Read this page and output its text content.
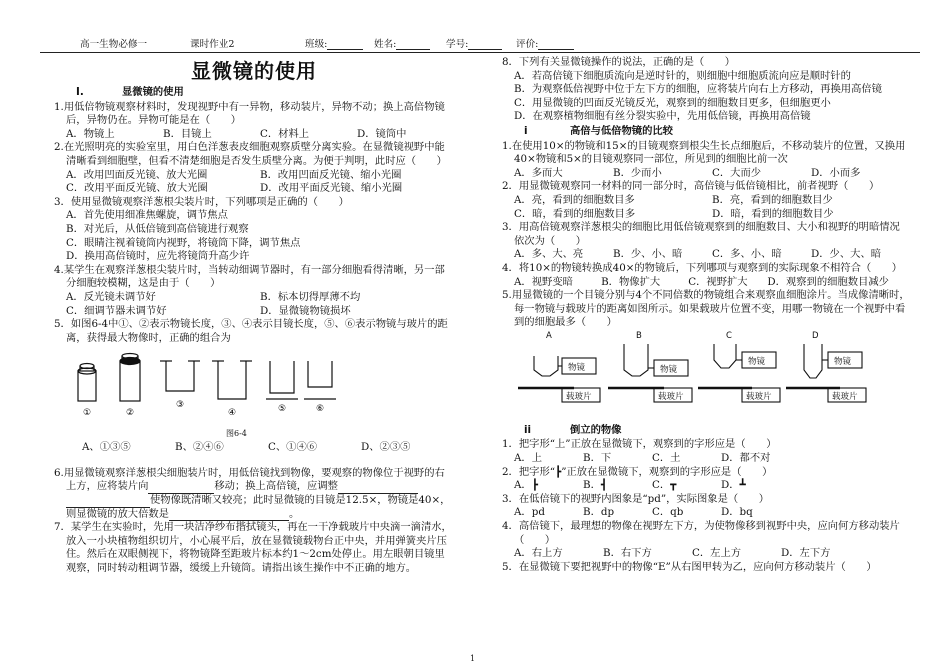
高一生物必修一	课时作业2	班级:	姓名:	学号:	评价:
显微镜的使用
Ⅰ.	显微镜的使用

1.用低倍物镜观察材料时，发现视野中有一异物，移动装片，异物不动；换上高倍物镜后，异物仍在。异物可能是在（　　）

A．物镜上	B．目镜上	C．材料上	D．镜筒中

2.在光照明亮的实验室里，用白色洋葱表皮细胞观察质壁分离实验。在显微镜视野中能清晰看到细胞壁，但看不清楚细胞是否发生质壁分离。为便于判明，此时应（　　）

A．改用凹面反光镜、放大光圈	B．改用凹面反光镜、缩小光圈
C．改用平面反光镜、放大光圈	D．改用平面反光镜、缩小光圈

3．使用显微镜观察洋葱根尖装片时，下列哪项是正确的（　　）

A．首先使用细准焦螺旋，调节焦点
B．对光后，从低倍镜到高倍镜进行观察
C．眼睛注视着镜筒内视野，将镜筒下降，调节焦点
D．换用高倍镜时，应先将镜筒升高少许

4.某学生在观察洋葱根尖装片时，当转动细调节器时，有一部分细胞看得清晰，另一部分细胞较模糊，这是由于（　　）

A．反光镜未调节好	B．标本切得厚薄不均
C．细调节器未调节好	D．显微镜物镜损坏

5．如图6-4中①、②表示物镜长度，③、④表示目镜长度，⑤、⑥表示物镜与玻片的距离，获得最大物像时，正确的组合为

①	②
③
④	⑤	⑥
图6-4
A、①③⑤	B、②④⑥	C、①④⑥	D、②③⑤

6.用显微镜观察洋葱根尖细胞装片时，用低倍镜找到物像，要观察的物像位于视野的右上方，应将装片向	移动；换上高倍镜，应调整
使物像既清晰又较亮；此时显微镜的目镜是12.5×，物镜是40×，则显微镜的放大倍数是	。

7．某学生在实验时，先用一块洁净纱布揩拭镜头，再在一干净载玻片中央滴一滴清水，放入一小块植物组织切片，小心展平后，放在显微镜载物台正中央，并用弹簧夹片压住。然后在双眼侧视下，将物镜降至距玻片标本约1～2cm处停止。用左眼朝目镜里观察，同时转动粗调节器，缓缓上升镜筒。请指出该生操作中不正确的地方。

8．下列有关显微镜操作的说法，正确的是（　　）

A．若高倍镜下细胞质流向是逆时针的，则细胞中细胞质流向应是顺时针的
B．为观察低倍视野中位于左下方的细胞，应将装片向右上方移动，再换用高倍镜
C．用显微镜的凹面反光镜反光，观察到的细胞数目更多，但细胞更小
D．在观察植物细胞有丝分裂实验中，先用低倍镜，再换用高倍镜
i	高倍与低倍物镜的比较

1.在使用10×的物镜和15×的目镜观察到根尖生长点细胞后，不移动装片的位置，又换用40×物镜和5×的目镜观察同一部位，所见到的细胞比前一次

A．多而大	B．少而小	C．大而少	D．小而多

2．用显微镜观察同一材料的同一部分时，高倍镜与低倍镜相比，前者视野（　　）

A．亮，看到的细胞数目多	B．亮，看到的细胞数目少
C．暗，看到的细胞数目多	D．暗，看到的细胞数目少

3．用高倍镜观察洋葱根尖的细胞比用低倍镜观察到的细胞数目、大小和视野的明暗情况依次为（　　）

A．多、大、亮	B．少、小、暗	C．多、小、暗	D．少、大、暗

4．将10×的物镜转换成40×的物镜后，下列哪项与观察到的实际现象不相符合（　　）

A．视野变暗	B．物像扩大	C．视野扩大	D．观察到的细胞数目减少

5.用显微镜的一个目镜分别与4个不同倍数的物镜组合来观察血细胞涂片。当成像清晰时，每一物镜与载玻片的距离如图所示。如果载玻片位置不变，用哪一物镜在一个视野中看到的细胞最多（　　）

A	B	C	D
物镜	物镜
物镜	物镜
载玻片	载玻片	载玻片	载玻片
ii	倒立的物像

1．把字形“上”正放在显微镜下，观察到的字形应是（　　）

A．上	B．下	C．土	D．都不对

2．把字形“┣”正放在显微镜下，观察到的字形应是（　　）

A．┣	B．┫	C．┳	D．┻

3．在低倍镜下的视野内图象是“pd”，实际图象是（　　）

A．pd	B．dp	C．qb	D．bq

4．高倍镜下，最理想的物像在视野左下方，为使物像移到视野中央，应向何方移动装片（　　）

A．右上方	B．右下方	C．左上方	D．左下方

5．在显微镜下要把视野中的物像“E”从右图甲转为乙，应向何方移动装片（　　）

1
